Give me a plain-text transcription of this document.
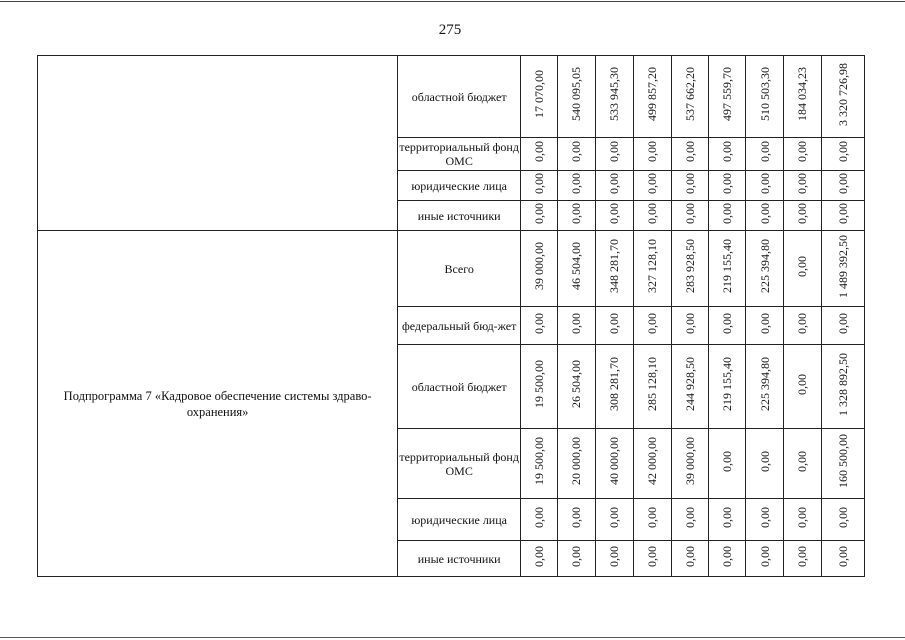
275
	областной бюджет	17 070,00	540 095,05	533 945,30	499 857,20	537 662,20	497 559,70	510 503,30	184 034,23	3 320 726,98
	территориальный фонд ОМС	0,00	0,00	0,00	0,00	0,00	0,00	0,00	0,00	0,00
	юридические лица	0,00	0,00	0,00	0,00	0,00	0,00	0,00	0,00	0,00
	иные источники	0,00	0,00	0,00	0,00	0,00	0,00	0,00	0,00	0,00
Подпрограмма 7 «Кадровое обеспечение системы здраво-охранения»	Всего	39 000,00	46 504,00	348 281,70	327 128,10	283 928,50	219 155,40	225 394,80	0,00	1 489 392,50
	федеральный бюд-жет	0,00	0,00	0,00	0,00	0,00	0,00	0,00	0,00	0,00
	областной бюджет	19 500,00	26 504,00	308 281,70	285 128,10	244 928,50	219 155,40	225 394,80	0,00	1 328 892,50
	территориальный фонд ОМС	19 500,00	20 000,00	40 000,00	42 000,00	39 000,00	0,00	0,00	0,00	160 500,00
	юридические лица	0,00	0,00	0,00	0,00	0,00	0,00	0,00	0,00	0,00
	иные источники	0,00	0,00	0,00	0,00	0,00	0,00	0,00	0,00	0,00
